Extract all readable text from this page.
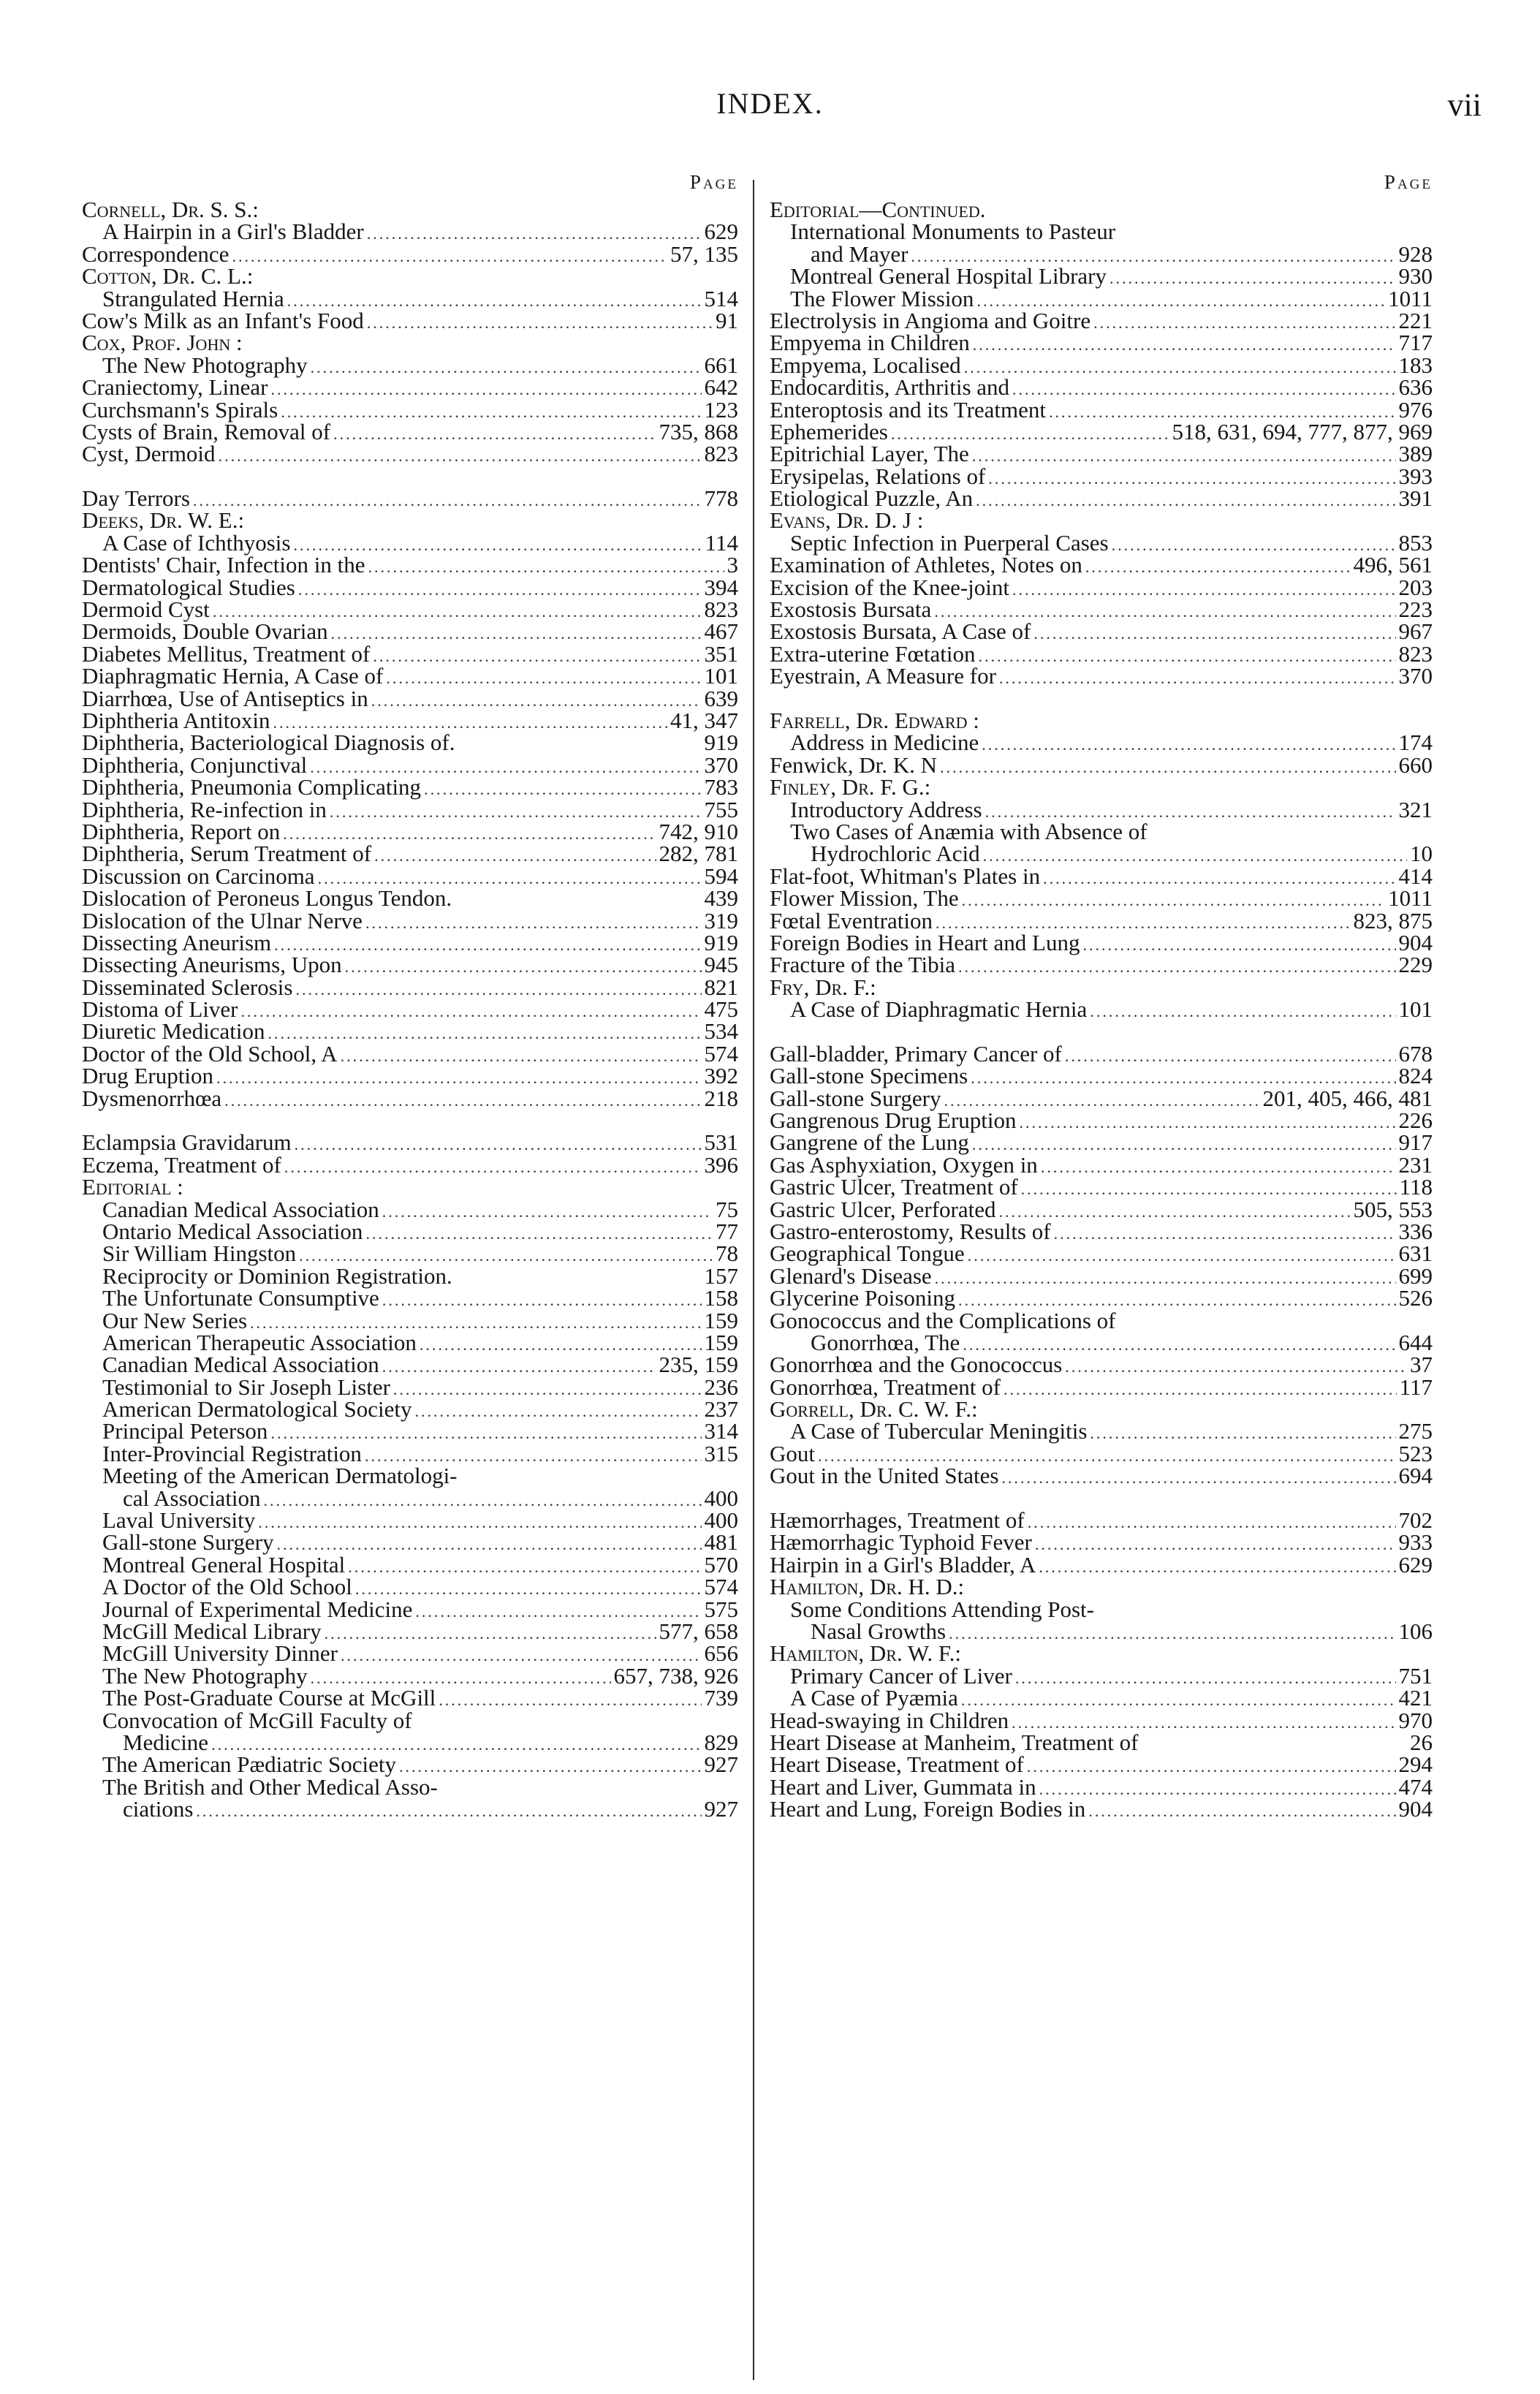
INDEX.	vii
Page
Cornell, Dr. S. S.:
A Hairpin in a Girl's Bladder .....	629
Correspondence .....	57, 135
Cotton, Dr. C. L.:
Strangulated Hernia .....	514
Cow's Milk as an Infant's Food .....	91
Cox, Prof. John :
The New Photography .....	661
Craniectomy, Linear .....	642
Curchsmann's Spirals .....	123
Cysts of Brain, Removal of .....	735, 868
Cyst, Dermoid .....	823
Day Terrors .....	778
Deeks, Dr. W. E.:
A Case of Ichthyosis .....	114
Dentists' Chair, Infection in the .....	3
Dermatological Studies .....	394
Dermoid Cyst .....	823
Dermoids, Double Ovarian .....	467
Diabetes Mellitus, Treatment of .....	351
Diaphragmatic Hernia, A Case of .....	101
Diarrhœa, Use of Antiseptics in .....	639
Diphtheria Antitoxin .....	41, 347
Diphtheria, Bacteriological Diagnosis of.	919
Diphtheria, Conjunctival .....	370
Diphtheria, Pneumonia Complicating .....	783
Diphtheria, Re-infection in .....	755
Diphtheria, Report on .....	742, 910
Diphtheria, Serum Treatment of .....	282, 781
Discussion on Carcinoma .....	594
Dislocation of Peroneus Longus Tendon.	439
Dislocation of the Ulnar Nerve .....	319
Dissecting Aneurism .....	919
Dissecting Aneurisms, Upon .....	945
Disseminated Sclerosis .....	821
Distoma of Liver .....	475
Diuretic Medication .....	534
Doctor of the Old School, A .....	574
Drug Eruption .....	392
Dysmenorrhœa .....	218
Eclampsia Gravidarum .....	531
Eczema, Treatment of .....	396
Editorial :
Canadian Medical Association .....	75
Ontario Medical Association .....	77
Sir William Hingston .....	78
Reciprocity or Dominion Registration.	157
The Unfortunate Consumptive .....	158
Our New Series .....	159
American Therapeutic Association .....	159
Canadian Medical Association .....	235, 159
Testimonial to Sir Joseph Lister .....	236
American Dermatological Society .....	237
Principal Peterson .....	314
Inter-Provincial Registration .....	315
Meeting of the American Dermatologi-
cal Association .....	400
Laval University .....	400
Gall-stone Surgery .....	481
Montreal General Hospital .....	570
A Doctor of the Old School .....	574
Journal of Experimental Medicine .....	575
McGill Medical Library .....	577, 658
McGill University Dinner .....	656
The New Photography .....	657, 738, 926
The Post-Graduate Course at McGill .....	739
Convocation of McGill Faculty of
Medicine .....	829
The American Pædiatric Society .....	927
The British and Other Medical Asso-
ciations .....	927
Page
Editorial—Continued.
International Monuments to Pasteur
and Mayer .....	928
Montreal General Hospital Library .....	930
The Flower Mission .....	1011
Electrolysis in Angioma and Goitre .....	221
Empyema in Children .....	717
Empyema, Localised .....	183
Endocarditis, Arthritis and .....	636
Enteroptosis and its Treatment .....	976
Ephemerides .....	518, 631, 694, 777, 877, 969
Epitrichial Layer, The .....	389
Erysipelas, Relations of .....	393
Etiological Puzzle, An .....	391
Evans, Dr. D. J :
Septic Infection in Puerperal Cases .....	853
Examination of Athletes, Notes on .....	496, 561
Excision of the Knee-joint .....	203
Exostosis Bursata .....	223
Exostosis Bursata, A Case of .....	967
Extra-uterine Fœtation .....	823
Eyestrain, A Measure for .....	370
Farrell, Dr. Edward :
Address in Medicine .....	174
Fenwick, Dr. K. N .....	660
Finley, Dr. F. G.:
Introductory Address .....	321
Two Cases of Anæmia with Absence of
Hydrochloric Acid .....	10
Flat-foot, Whitman's Plates in .....	414
Flower Mission, The .....	1011
Fœtal Eventration .....	823, 875
Foreign Bodies in Heart and Lung .....	904
Fracture of the Tibia .....	229
Fry, Dr. F.:
A Case of Diaphragmatic Hernia .....	101
Gall-bladder, Primary Cancer of .....	678
Gall-stone Specimens .....	824
Gall-stone Surgery .....	201, 405, 466, 481
Gangrenous Drug Eruption .....	226
Gangrene of the Lung .....	917
Gas Asphyxiation, Oxygen in .....	231
Gastric Ulcer, Treatment of .....	118
Gastric Ulcer, Perforated .....	505, 553
Gastro-enterostomy, Results of .....	336
Geographical Tongue .....	631
Glenard's Disease .....	699
Glycerine Poisoning .....	526
Gonococcus and the Complications of
Gonorrhœa, The .....	644
Gonorrhœa and the Gonococcus .....	37
Gonorrhœa, Treatment of .....	117
Gorrell, Dr. C. W. F.:
A Case of Tubercular Meningitis .....	275
Gout .....	523
Gout in the United States .....	694
Hæmorrhages, Treatment of .....	702
Hæmorrhagic Typhoid Fever .....	933
Hairpin in a Girl's Bladder, A .....	629
Hamilton, Dr. H. D.:
Some Conditions Attending Post-
Nasal Growths .....	106
Hamilton, Dr. W. F.:
Primary Cancer of Liver .....	751
A Case of Pyæmia .....	421
Head-swaying in Children .....	970
Heart Disease at Manheim, Treatment of	26
Heart Disease, Treatment of .....	294
Heart and Liver, Gummata in .....	474
Heart and Lung, Foreign Bodies in .....	904
